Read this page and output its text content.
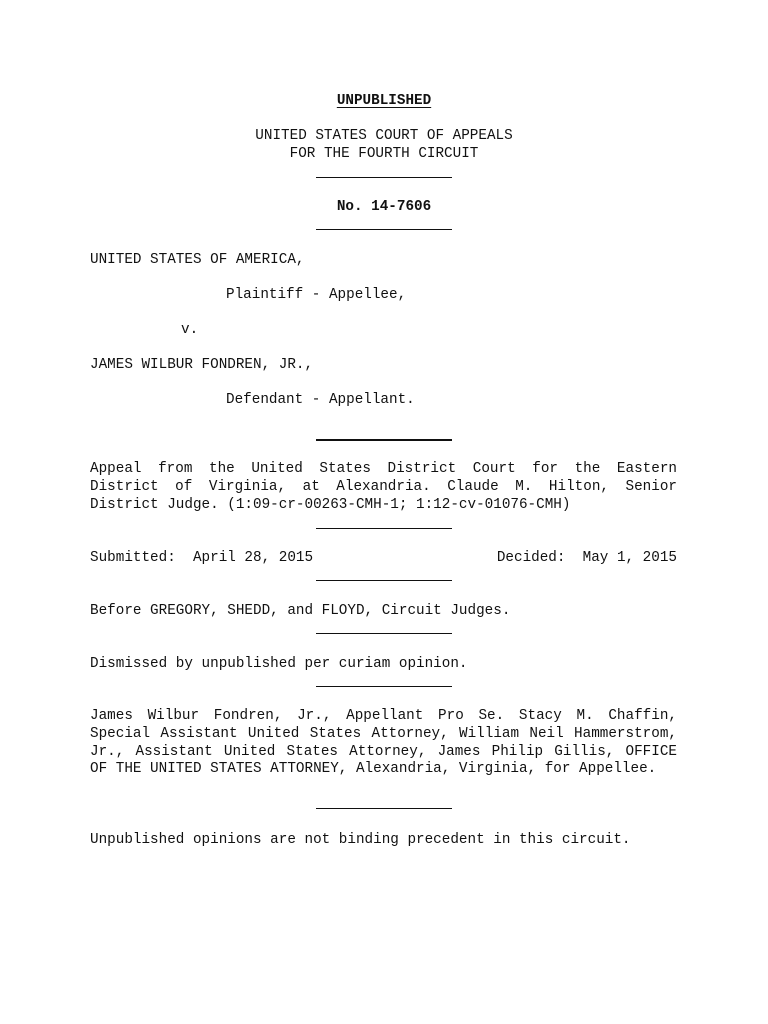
UNPUBLISHED
UNITED STATES COURT OF APPEALS
FOR THE FOURTH CIRCUIT
No. 14-7606
UNITED STATES OF AMERICA,
Plaintiff - Appellee,
v.
JAMES WILBUR FONDREN, JR.,
Defendant - Appellant.
Appeal from the United States District Court for the Eastern District of Virginia, at Alexandria. Claude M. Hilton, Senior District Judge. (1:09-cr-00263-CMH-1; 1:12-cv-01076-CMH)
Submitted:  April 28, 2015	Decided:  May 1, 2015
Before GREGORY, SHEDD, and FLOYD, Circuit Judges.
Dismissed by unpublished per curiam opinion.
James Wilbur Fondren, Jr., Appellant Pro Se. Stacy M. Chaffin, Special Assistant United States Attorney, William Neil Hammerstrom, Jr., Assistant United States Attorney, James Philip Gillis, OFFICE OF THE UNITED STATES ATTORNEY, Alexandria, Virginia, for Appellee.
Unpublished opinions are not binding precedent in this circuit.
